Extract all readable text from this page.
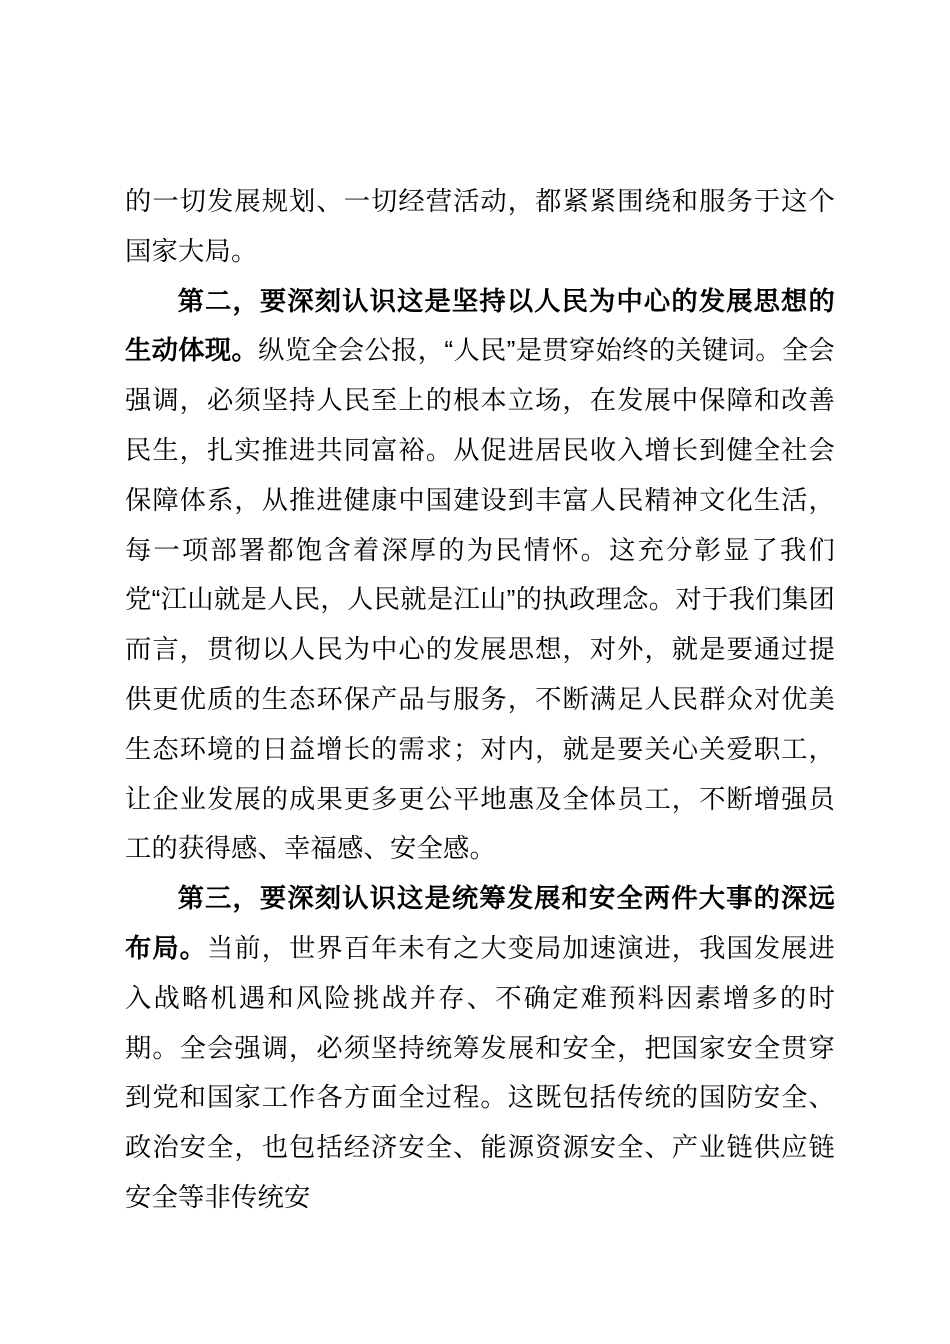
的一切发展规划、一切经营活动，都紧紧围绕和服务于这个国家大局。

第二，要深刻认识这是坚持以人民为中心的发展思想的生动体现。纵览全会公报，“人民”是贯穿始终的关键词。全会强调，必须坚持人民至上的根本立场，在发展中保障和改善民生，扎实推进共同富裕。从促进居民收入增长到健全社会保障体系，从推进健康中国建设到丰富人民精神文化生活，每一项部署都饱含着深厚的为民情怀。这充分彰显了我们党“江山就是人民，人民就是江山”的执政理念。对于我们集团而言，贯彻以人民为中心的发展思想，对外，就是要通过提供更优质的生态环保产品与服务，不断满足人民群众对优美生态环境的日益增长的需求；对内，就是要关心关爱职工，让企业发展的成果更多更公平地惠及全体员工，不断增强员工的获得感、幸福感、安全感。

第三，要深刻认识这是统筹发展和安全两件大事的深远布局。当前，世界百年未有之大变局加速演进，我国发展进入战略机遇和风险挑战并存、不确定难预料因素增多的时期。全会强调，必须坚持统筹发展和安全，把国家安全贯穿到党和国家工作各方面全过程。这既包括传统的国防安全、政治安全，也包括经济安全、能源资源安全、产业链供应链安全等非传统安
